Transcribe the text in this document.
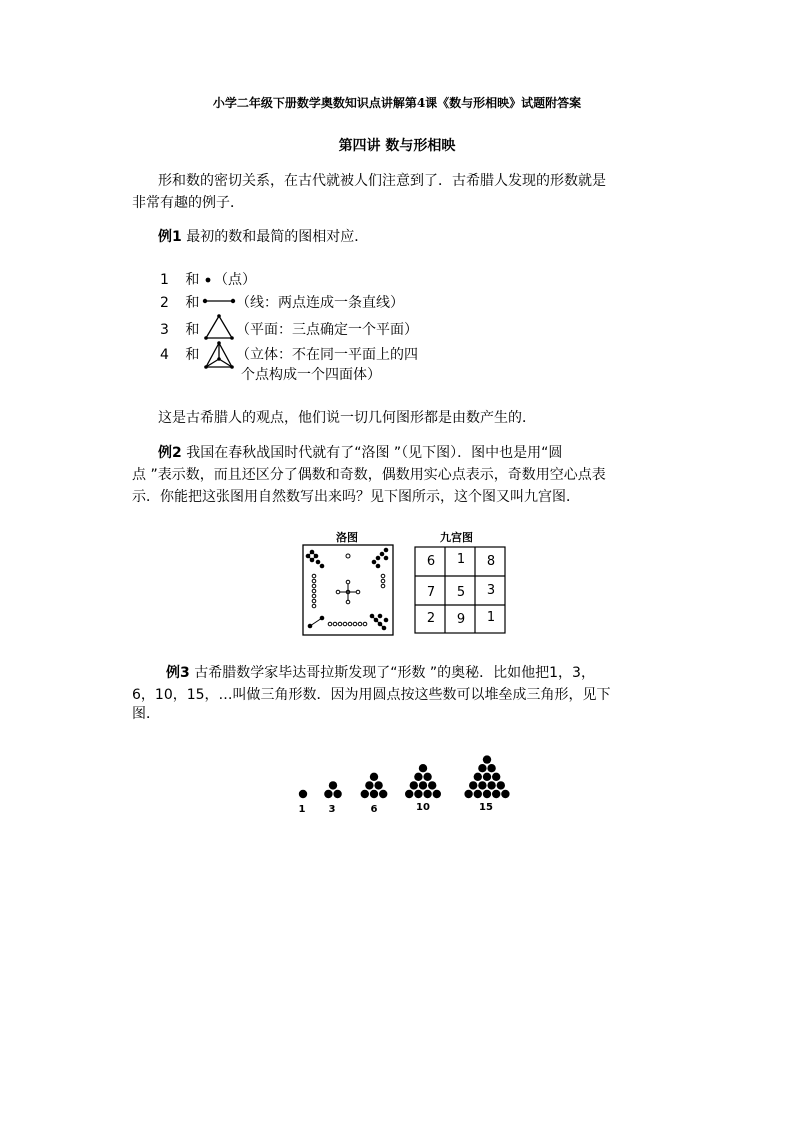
小学二年级下册数学奥数知识点讲解第4课《数与形相映》试题附答案
第四讲 数与形相映
形和数的密切关系，在古代就被人们注意到了．古希腊人发现的形数就是
非常有趣的例子．
例1 最初的数和最简的图相对应．
1 和 （点）
2 和	（线：两点连成一条直线）
3 和	（平面：三点确定一个平面）
4 和	（立体：不在同一平面上的四
个点构成一个四面体）
这是古希腊人的观点，他们说一切几何图形都是由数产生的．
例2 我国在春秋战国时代就有了“洛图 ”（见下图）．图中也是用“圆
点 ”表示数，而且还区分了偶数和奇数，偶数用实心点表示，奇数用空心点表
示．你能把这张图用自然数写出来吗？见下图所示，这个图又叫九宫图．
洛图	九宫图
6	1	8
7	5	3
2	9	1
例3 古希腊数学家毕达哥拉斯发现了“形数 ”的奥秘．比如他把1，3，
6，10，15，…叫做三角形数．因为用圆点按这些数可以堆垒成三角形，见下
图．
1	3	6	10	15
